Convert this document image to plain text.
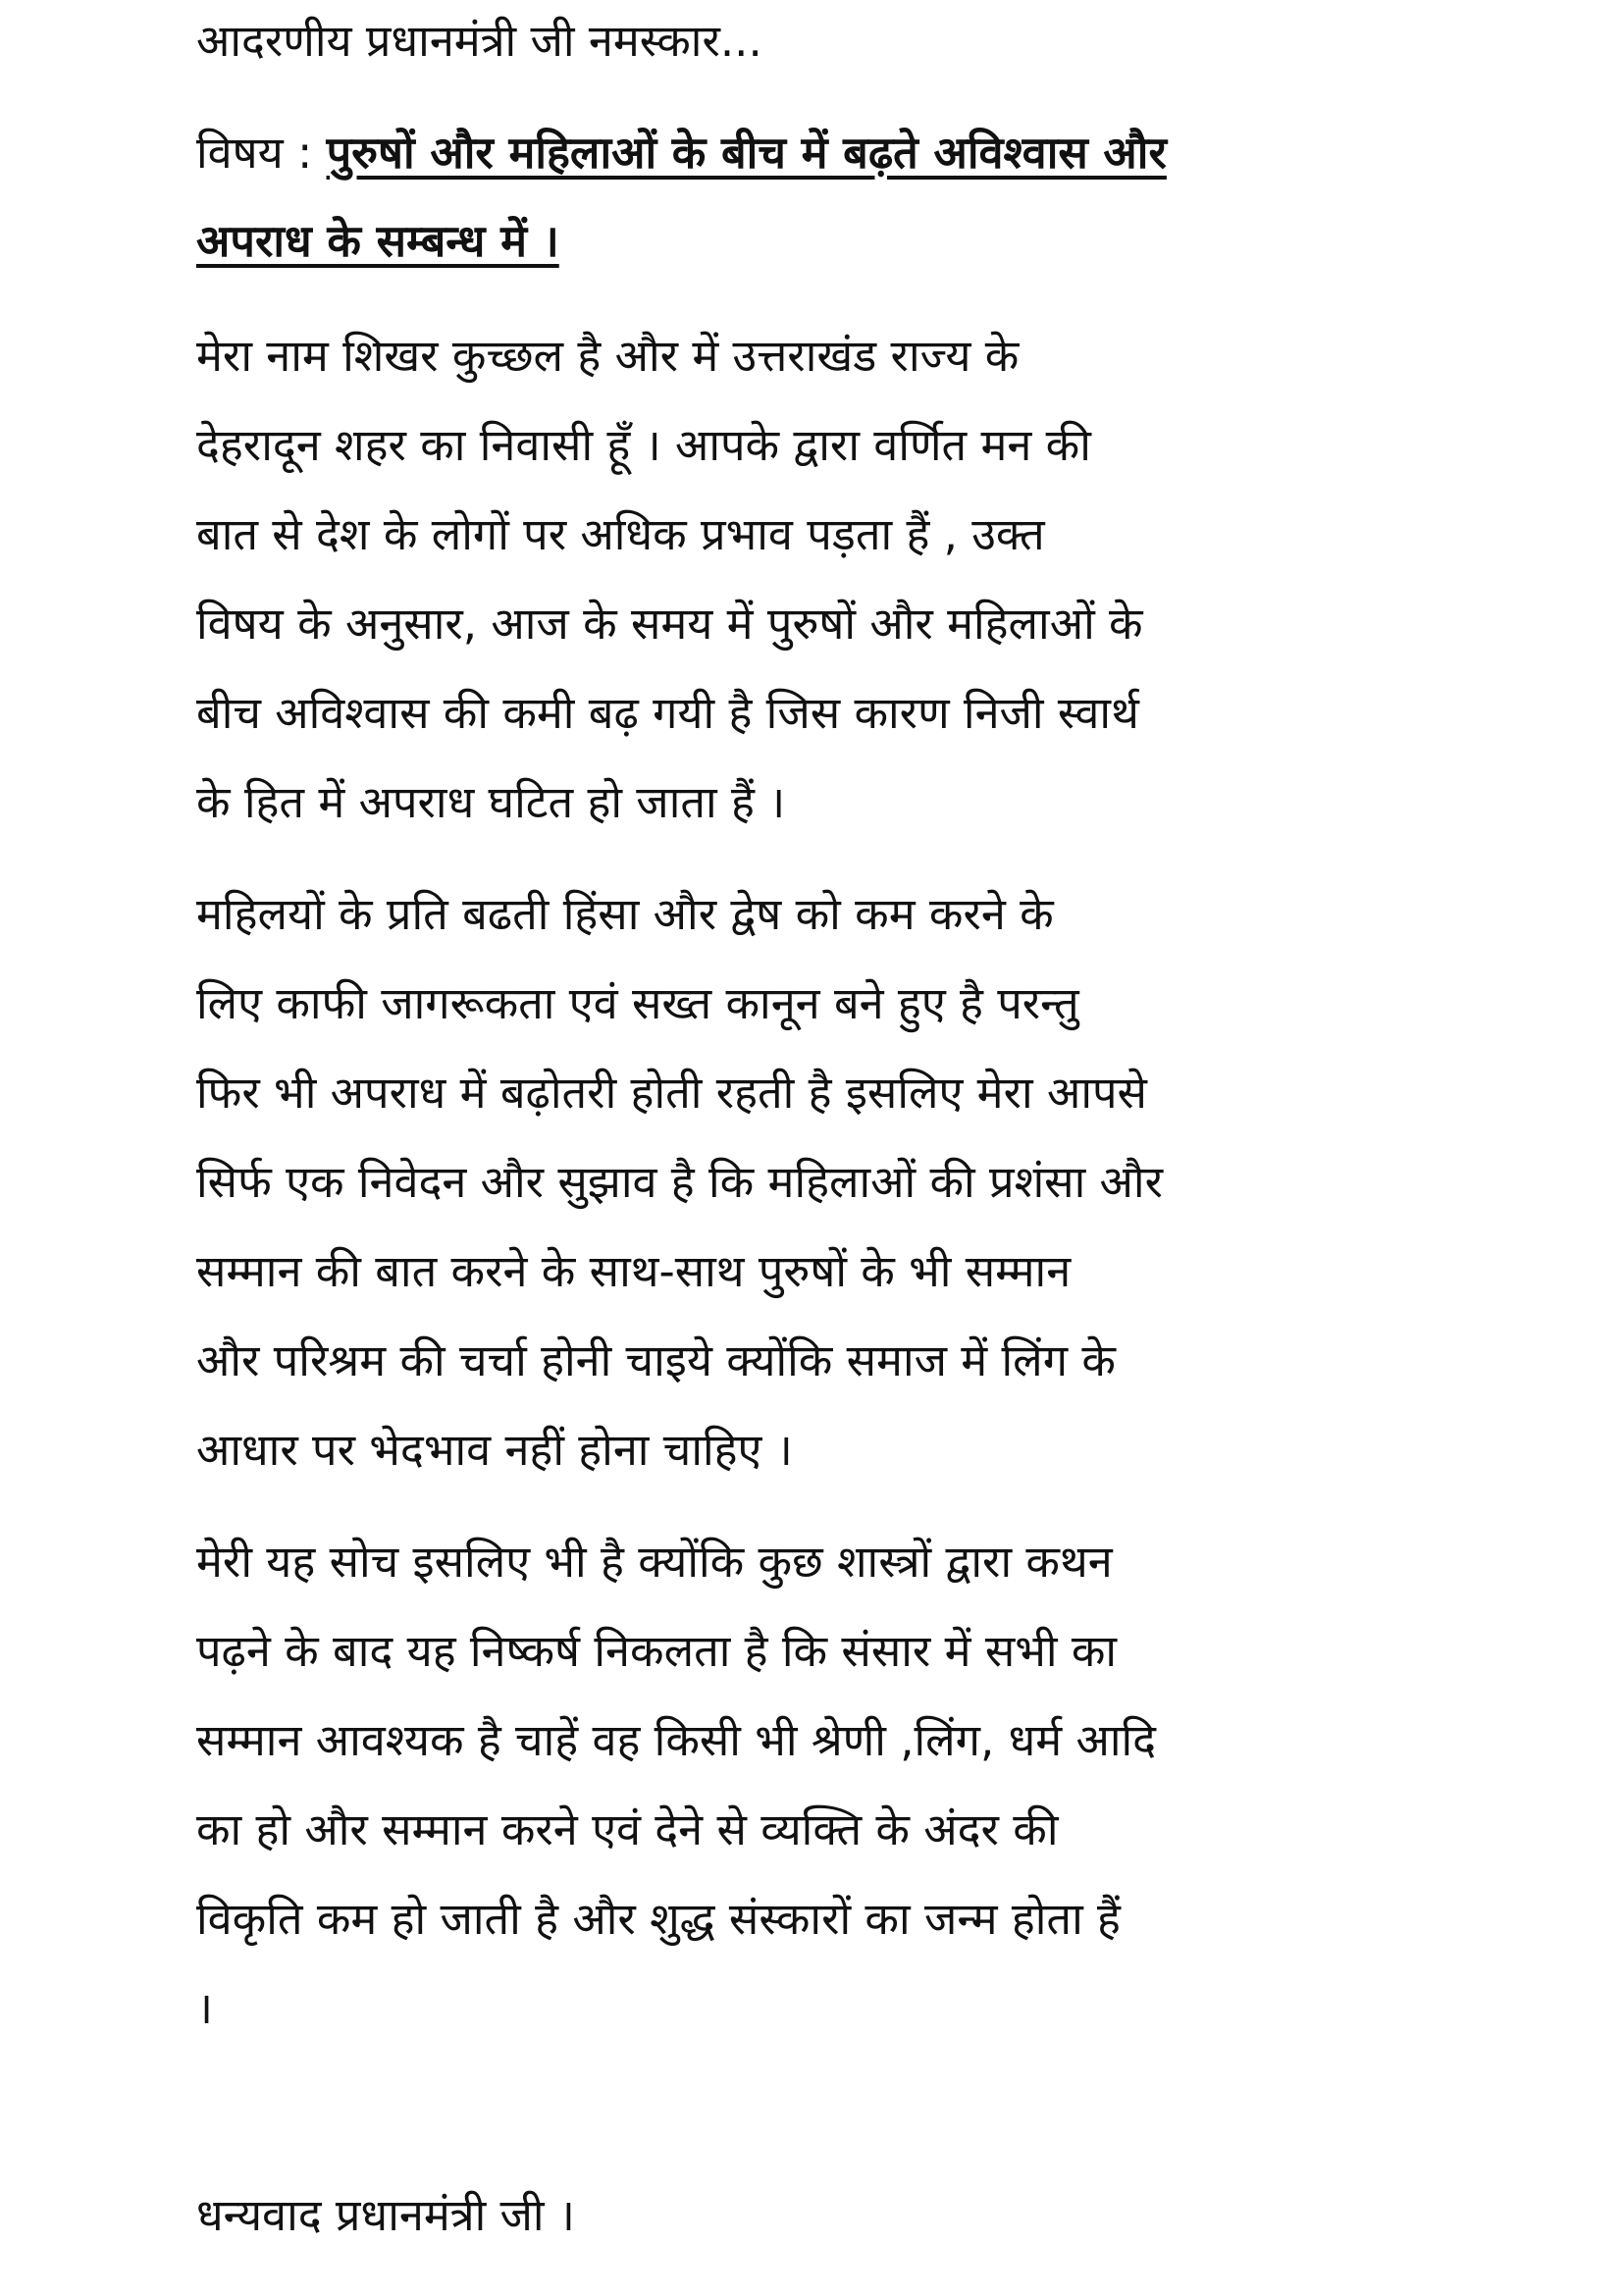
आदरणीय प्रधानमंत्री जी नमस्कार...
विषय : पुरुषों और महिलाओं के बीच में बढ़ते अविश्वास और
अपराध के सम्बन्ध में ।
मेरा नाम शिखर कुच्छल है और में उत्तराखंड राज्य के
देहरादून शहर का निवासी हूँ । आपके द्वारा वर्णित मन की
बात से देश के लोगों पर अधिक प्रभाव पड़ता हैं , उक्त
विषय के अनुसार, आज के समय में पुरुषों और महिलाओं के
बीच अविश्वास की कमी बढ़ गयी है जिस कारण निजी स्वार्थ
के हित में अपराध घटित हो जाता हैं ।
महिलयों के प्रति बढती हिंसा और द्वेष को कम करने के
लिए काफी जागरूकता एवं सख्त कानून बने हुए है परन्तु
फिर भी अपराध में बढ़ोतरी होती रहती है इसलिए मेरा आपसे
सिर्फ एक निवेदन और सुझाव है कि महिलाओं की प्रशंसा और
सम्मान की बात करने के साथ-साथ पुरुषों के भी सम्मान
और परिश्रम की चर्चा होनी चाइये क्योंकि समाज में लिंग के
आधार पर भेदभाव नहीं होना चाहिए ।
मेरी यह सोच इसलिए भी है क्योंकि कुछ शास्त्रों द्वारा कथन
पढ़ने के बाद यह निष्कर्ष निकलता है कि संसार में सभी का
सम्मान आवश्यक है चाहें वह किसी भी श्रेणी ,लिंग, धर्म आदि
का हो और सम्मान करने एवं देने से व्यक्ति के अंदर की
विकृति कम हो जाती है और शुद्ध संस्कारों का जन्म होता हैं
।
धन्यवाद प्रधानमंत्री जी ।
